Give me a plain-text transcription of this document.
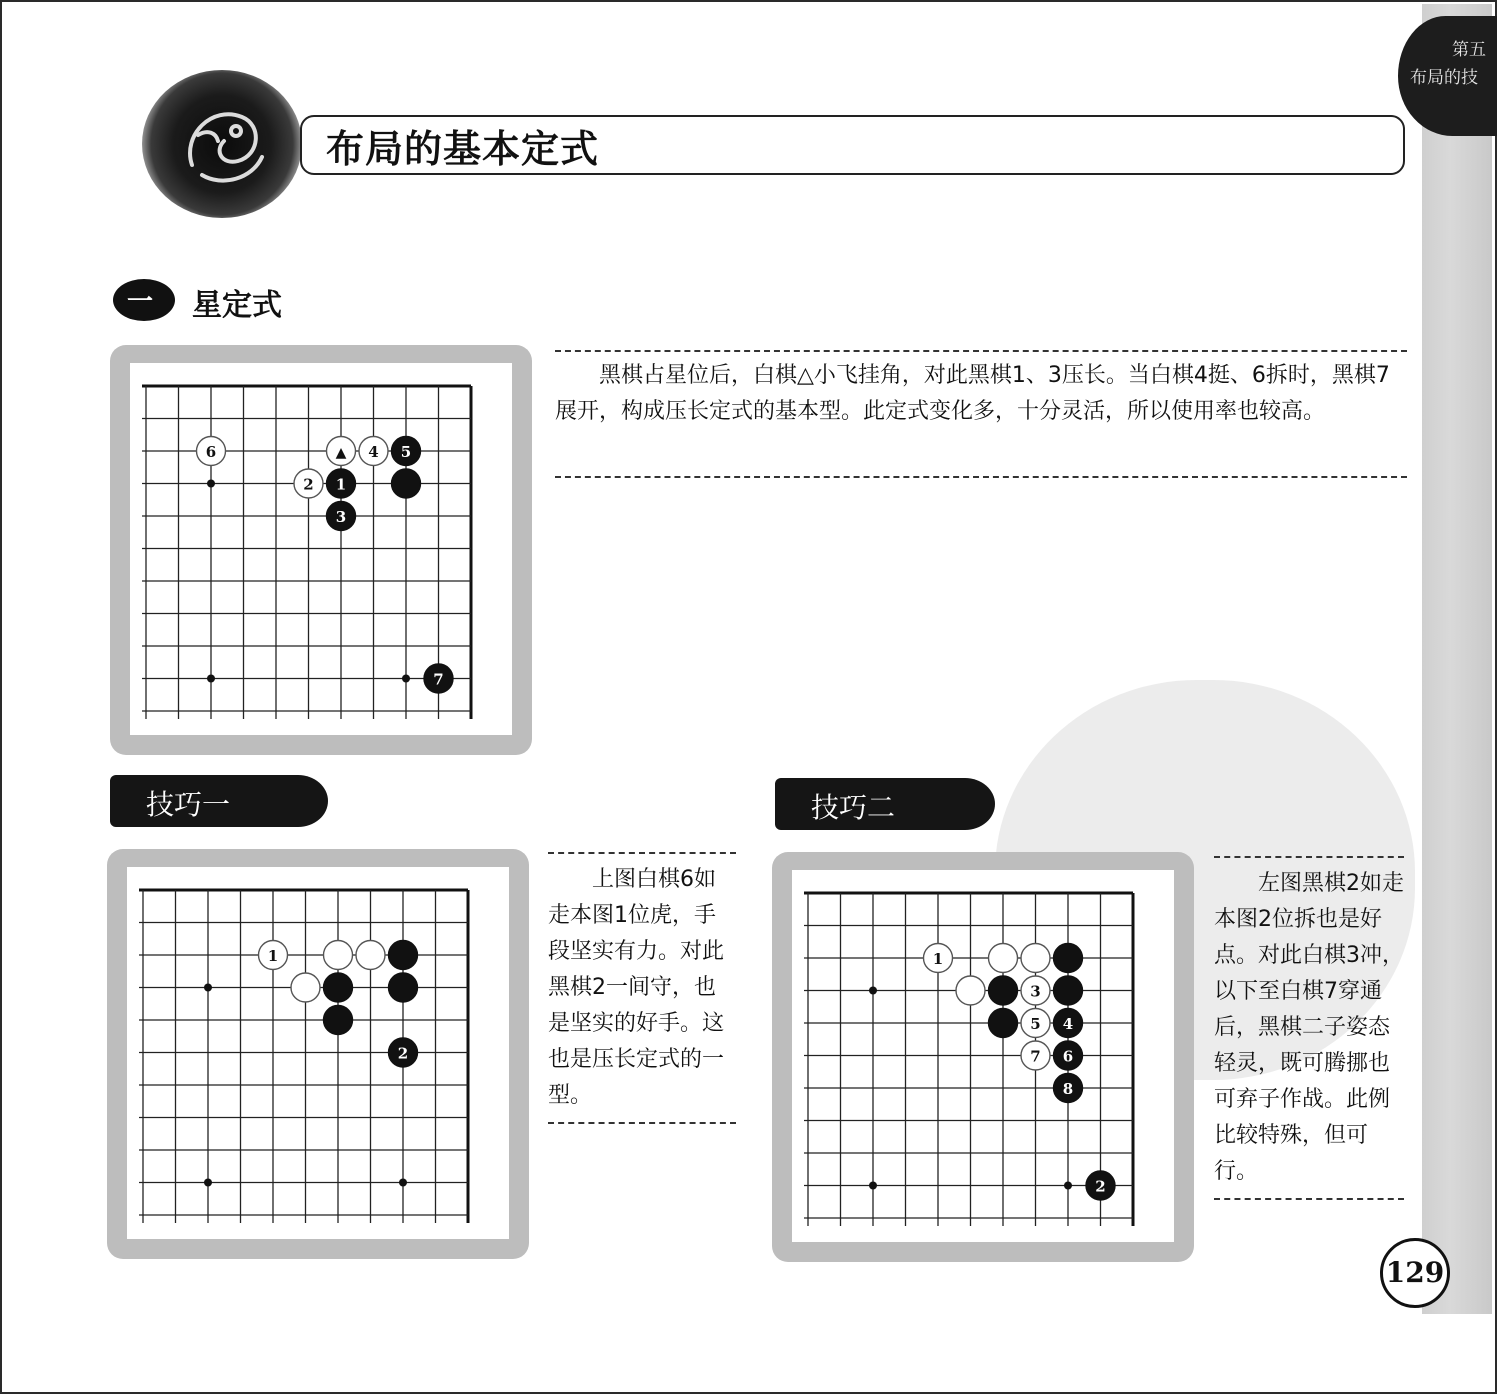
第五
布局的技
布局的基本定式
一 星定式
6	▲ 4 5
2 1
3
7

黑棋占星位后，白棋△小飞挂角，对此黑棋1、3压长。当白棋4挺、6拆时，黑棋7展开，构成压长定式的基本型。此定式变化多，十分灵活，所以使用率也较高。

技巧一
1
2

上图白棋6如走本图1位虎，手段坚实有力。对此黑棋2一间守，也是坚实的好手。这也是压长定式的一型。

技巧二
1
3
5 4
7 6
8
2

左图黑棋2如走本图2位拆也是好点。对此白棋3冲，以下至白棋7穿通后，黑棋二子姿态轻灵，既可腾挪也可弃子作战。此例比较特殊，但可行。

129
